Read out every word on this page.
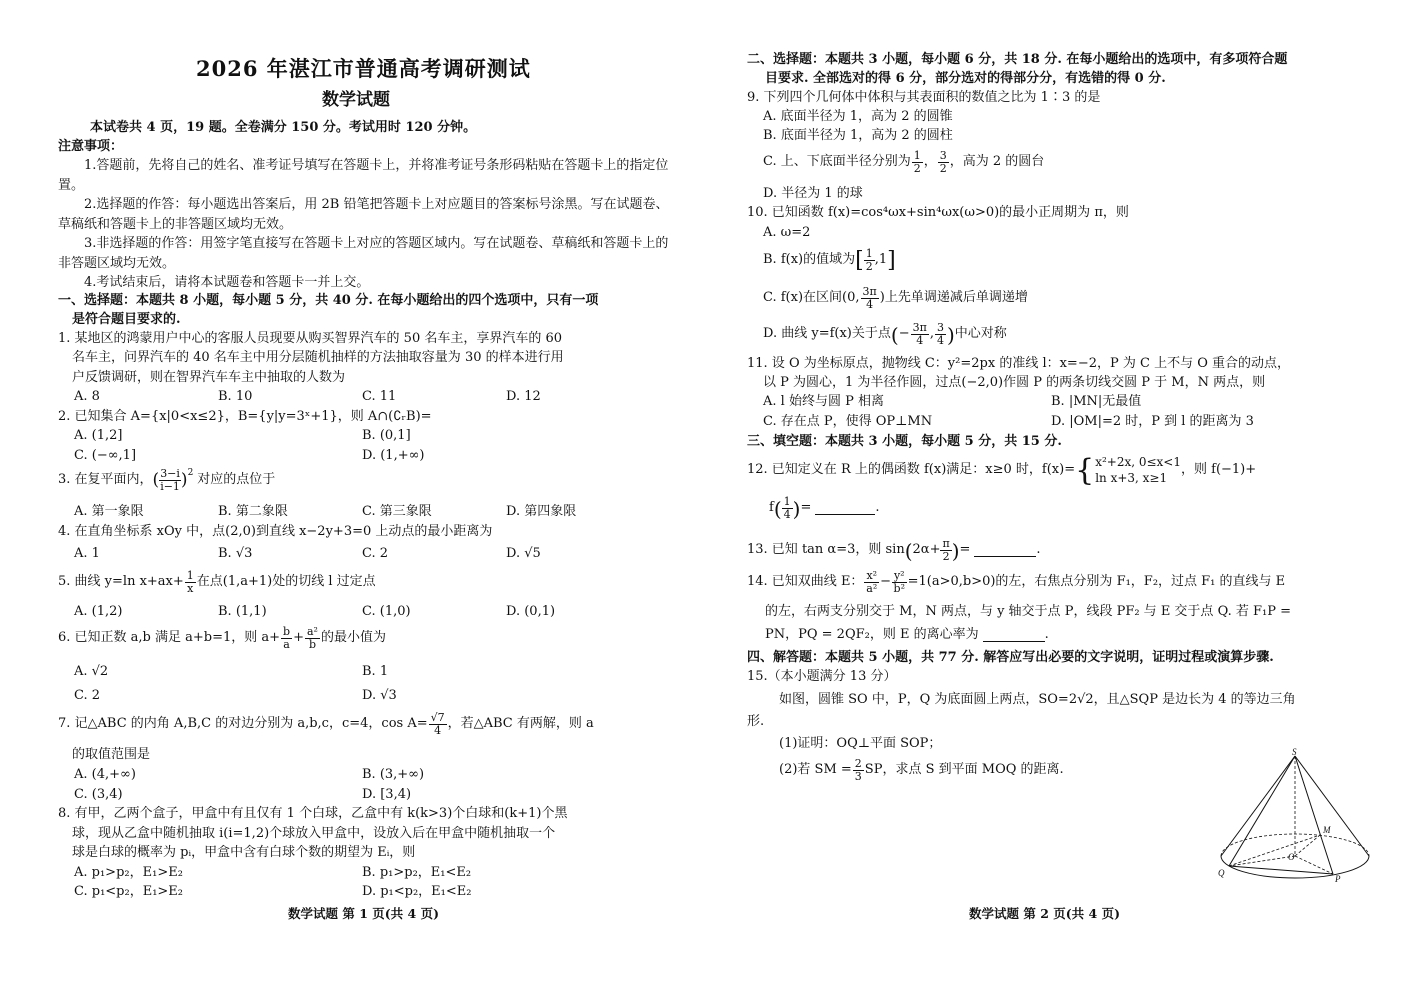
2026 年湛江市普通高考调研测试
数学试题
本试卷共 4 页，19 题。全卷满分 150 分。考试用时 120 分钟。
注意事项：
1.答题前，先将自己的姓名、准考证号填写在答题卡上，并将准考证号条形码粘贴在答题卡上的指定位置。
2.选择题的作答：每小题选出答案后，用 2B 铅笔把答题卡上对应题目的答案标号涂黑。写在试题卷、草稿纸和答题卡上的非答题区域均无效。
3.非选择题的作答：用签字笔直接写在答题卡上对应的答题区域内。写在试题卷、草稿纸和答题卡上的非答题区域均无效。
4.考试结束后，请将本试题卷和答题卡一并上交。
一、选择题：本题共 8 小题，每小题 5 分，共 40 分. 在每小题给出的四个选项中，只有一项
是符合题目要求的.
1. 某地区的鸿蒙用户中心的客服人员现要从购买智界汽车的 50 名车主，享界汽车的 60
名车主，问界汽车的 40 名车主中用分层随机抽样的方法抽取容量为 30 的样本进行用
户反馈调研，则在智界汽车车主中抽取的人数为
A. 8	B. 10	C. 11	D. 12
2. 已知集合 A={x|0<x≤2}，B={y|y=3ˣ+1}，则 A∩(∁ᵣB)=
A. (1,2]	B. (0,1]
C. (−∞,1]	D. (1,+∞)
3. 在复平面内， ( $\frac{3-i}{i-1} )^2$ 对应的点位于
A. 第一象限	B. 第二象限	C. 第三象限	D. 第四象限
4. 在直角坐标系 xOy 中，点(2,0)到直线 x−2y+3=0 上动点的最小距离为
A. 1	B. √3	C. 2	D. √5
5. 曲线 y=ln $x+ax+ \frac{1}{x}$ 在点(1,a+1)处的切线 l 过定点
A. (1,2)	B. (1,1)	C. (1,0)	D. (0,1)
6. 已知正数 a,b 满足 a+b=1，则 $a+ \frac{b}{a} + \frac{\text{a²}}{b}$ 的最小值为
A. √2	B. 1
C. 2	D. √3
7. 记△ABC 的内角 A,B,C 的对边分别为 a,b,c，c=4，$\cos A= \frac{√7}{4}$ ，若△ABC 有两解，则 a
的取值范围是
A. (4,+∞)	B. (3,+∞)
C. (3,4)	D. [3,4)
8. 有甲，乙两个盒子，甲盒中有且仅有 1 个白球，乙盒中有 k(k>3)个白球和(k+1)个黑
球，现从乙盒中随机抽取 i(i=1,2)个球放入甲盒中，设放入后在甲盒中随机抽取一个
球是白球的概率为 pᵢ，甲盒中含有白球个数的期望为 Eᵢ，则
A. p₁>p₂，E₁>E₂	B. p₁>p₂，E₁<E₂
C. p₁<p₂，E₁>E₂	D. p₁<p₂，E₁<E₂
数学试题 第 1 页(共 4 页)
二、选择题：本题共 3 小题，每小题 6 分，共 18 分. 在每小题给出的选项中，有多项符合题
目要求. 全部选对的得 6 分，部分选对的得部分分，有选错的得 0 分.
9. 下列四个几何体中体积与其表面积的数值之比为 1∶3 的是
A. 底面半径为 1，高为 2 的圆锥
B. 底面半径为 1，高为 2 的圆柱
C. 上、下底面半径分别为 $\frac{1}{2}$ ， $\frac{3}{2}$ ，高为 2 的圆台
D. 半径为 1 的球
10. 已知函数 f(x)=cos⁴ωx+sin⁴ωx(ω>0)的最小正周期为 π，则
A. ω=2
B. f(x)的值域为 [ $\frac{1}{2} ,1$ ]
C. f(x)在区间(0, $\frac{3\pi}{4}$ )上先单调递减后单调递增
D. 曲线 y=f(x)关于点 ( − $\frac{3\pi}{4}$ , $\frac{3}{4}$ ) 中心对称
11. 设 O 为坐标原点，抛物线 C：y²=2px 的准线 l：x=−2，P 为 C 上不与 O 重合的动点，
以 P 为圆心，1 为半径作圆，过点(−2,0)作圆 P 的两条切线交圆 P 于 M，N 两点，则
A. l 始终与圆 P 相离	B. |MN|无最值
C. 存在点 P，使得 OP⊥MN	D. |OM|=2 时，P 到 l 的距离为 3
三、填空题：本题共 3 小题，每小题 5 分，共 15 分.
12. 已知定义在 R 上的偶函数 f(x)满足：x≥0 时，f(x)= { x²+2x, 0≤x<1
ln x+3, x≥1
，则 f(−1)+
f ( $\frac{1}{4}$ ) =	.
13. 已知 tan α=3，则 sin ( $2\alpha+ \frac{\pi}{2}$ ) =	.
14. 已知双曲线 E： $\frac{\text{x²}}{\text{a²}} - \frac{\text{y²}}{\text{b²}} =1(a>0,b>0)$的左，右焦点分别为 F₁，F₂，过点 F₁ 的直线与 E
的左，右两支分别交于 M，N 两点，与 y 轴交于点 P，线段 PF₂ 与 E 交于点 Q. 若 F₁P =
PN，PQ = 2QF₂，则 E 的离心率为	.
四、解答题：本题共 5 小题，共 77 分. 解答应写出必要的文字说明，证明过程或演算步骤.
15.（本小题满分 13 分）
如图，圆锥 SO 中，P，Q 为底面圆上两点，SO=2√2，且△SQP 是边长为 4 的等边三角
形.
(1)证明：OQ⊥平面 SOP；
(2)若 SM = $\frac{2}{3}$ SP，求点 S 到平面 MOQ 的距离.
S
M
O
Q
P
数学试题 第 2 页(共 4 页)
